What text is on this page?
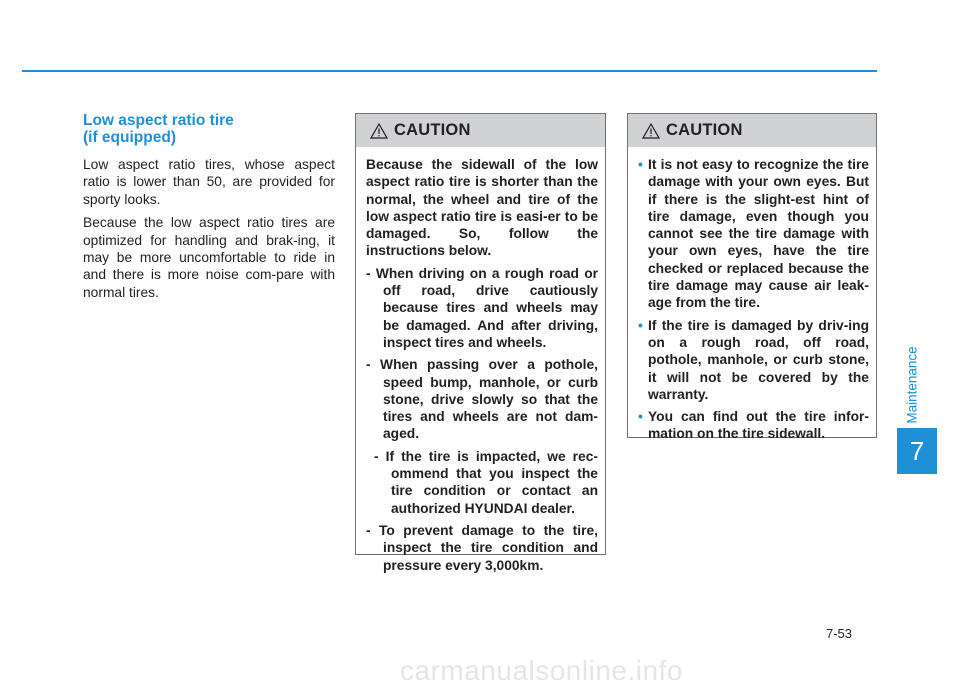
Low aspect ratio tire
(if equipped)

Low aspect ratio tires, whose aspect ratio is lower than 50, are provided for sporty looks.

Because the low aspect ratio tires are optimized for handling and brak-ing, it may be more uncomfortable to ride in and there is more noise com-pare with normal tires.

CAUTION

Because the sidewall of the low aspect ratio tire is shorter than the normal, the wheel and tire of the low aspect ratio tire is easi-er to be damaged. So, follow the instructions below.

- When driving on a rough road or off road, drive cautiously because tires and wheels may be damaged. And after driving, inspect tires and wheels.

- When passing over a pothole, speed bump, manhole, or curb stone, drive slowly so that the tires and wheels are not dam-aged.

- If the tire is impacted, we rec-ommend that you inspect the tire condition or contact an authorized HYUNDAI dealer.

- To prevent damage to the tire, inspect the tire condition and pressure every 3,000km.

CAUTION
• It is not easy to recognize the tire damage with your own eyes. But if there is the slight-est hint of tire damage, even though you cannot see the tire damage with your own eyes, have the tire checked or replaced because the tire damage may cause air leak-age from the tire.
• If the tire is damaged by driv-ing on a rough road, off road, pothole, manhole, or curb stone, it will not be covered by the warranty.
• You can find out the tire infor-mation on the tire sidewall.
Maintenance
7
7-53
carmanualsonline.info
